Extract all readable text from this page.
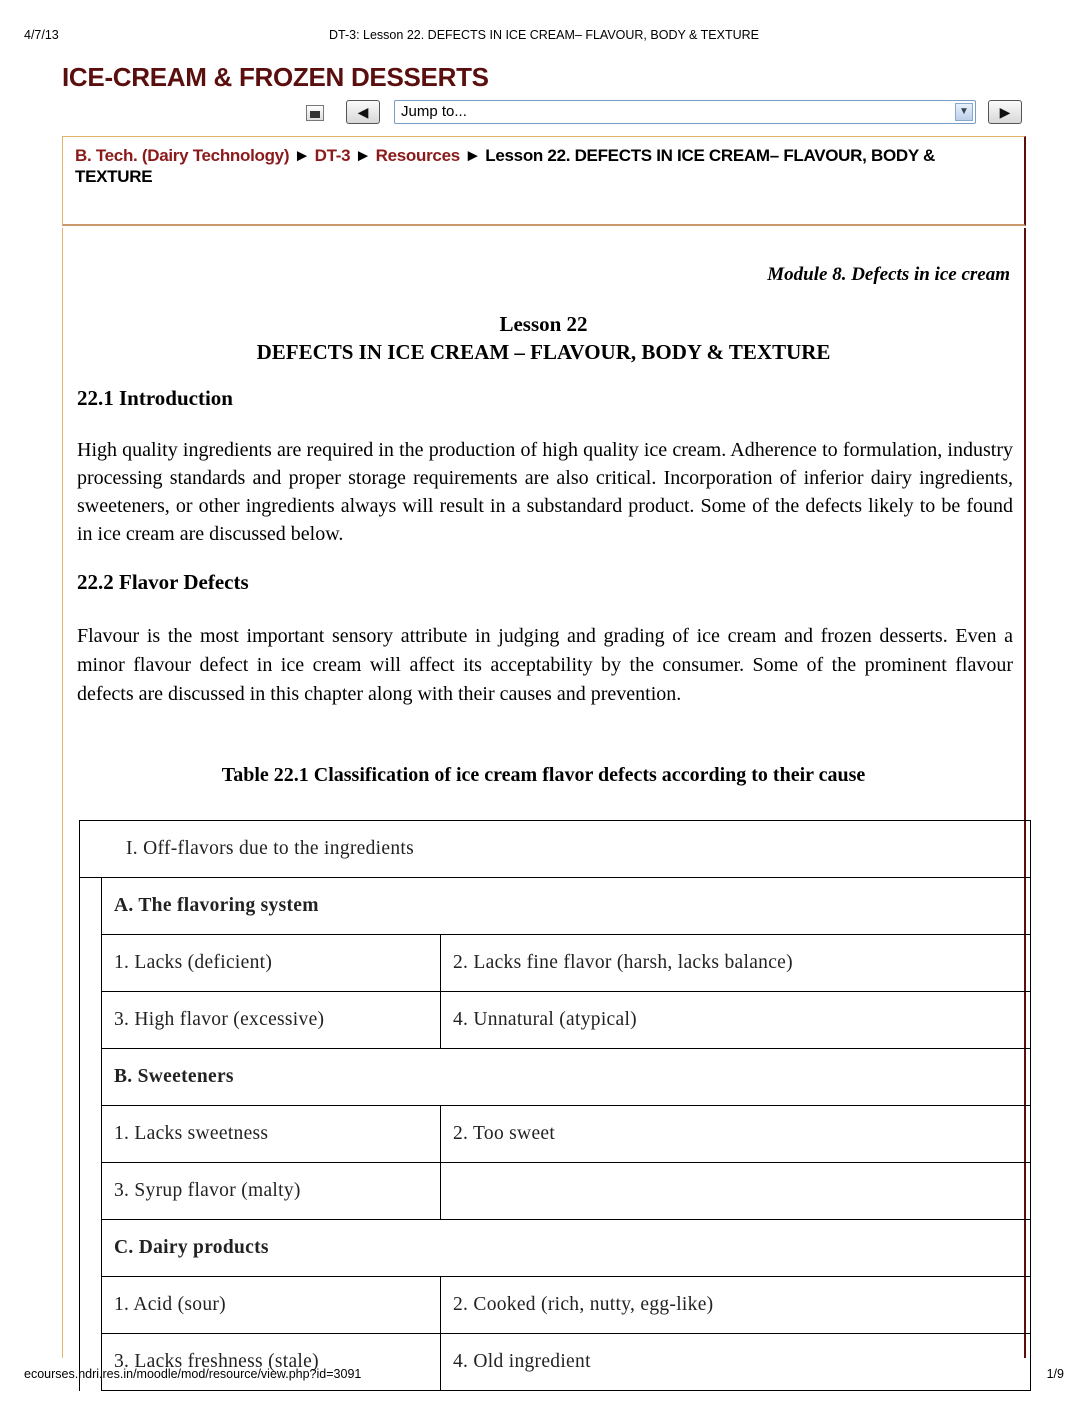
4/7/13	DT-3: Lesson 22. DEFECTS IN ICE CREAM– FLAVOUR, BODY & TEXTURE
ICE-CREAM & FROZEN DESSERTS
◀	Jump to...	▼	▶
B. Tech. (Dairy Technology) ► DT-3 ► Resources ► Lesson 22. DEFECTS IN ICE CREAM– FLAVOUR, BODY & TEXTURE
Module 8. Defects in ice cream
Lesson 22
DEFECTS IN ICE CREAM – FLAVOUR, BODY & TEXTURE
22.1 Introduction
High quality ingredients are required in the production of high quality ice cream. Adherence to formulation, industry processing standards and proper storage requirements are also critical. Incorporation of inferior dairy ingredients, sweeteners, or other ingredients always will result in a substandard product. Some of the defects likely to be found in ice cream are discussed below.
22.2 Flavor Defects
Flavour is the most important sensory attribute in judging and grading of ice cream and frozen desserts. Even a minor flavour defect in ice cream will affect its acceptability by the consumer. Some of the prominent flavour defects are discussed in this chapter along with their causes and prevention.
Table 22.1 Classification of ice cream flavor defects according to their cause
I. Off-flavors due to the ingredients		
	A. The flavoring system	
	1. Lacks (deficient)	2. Lacks fine flavor (harsh, lacks balance)
	3. High flavor (excessive)	4. Unnatural (atypical)
	B. Sweeteners	
	1. Lacks sweetness	2. Too sweet
	3. Syrup flavor (malty)	
	C. Dairy products	
	1. Acid (sour)	2. Cooked (rich, nutty, egg-like)
	3. Lacks freshness (stale)	4. Old ingredient
ecourses.ndri.res.in/moodle/mod/resource/view.php?id=3091	1/9
